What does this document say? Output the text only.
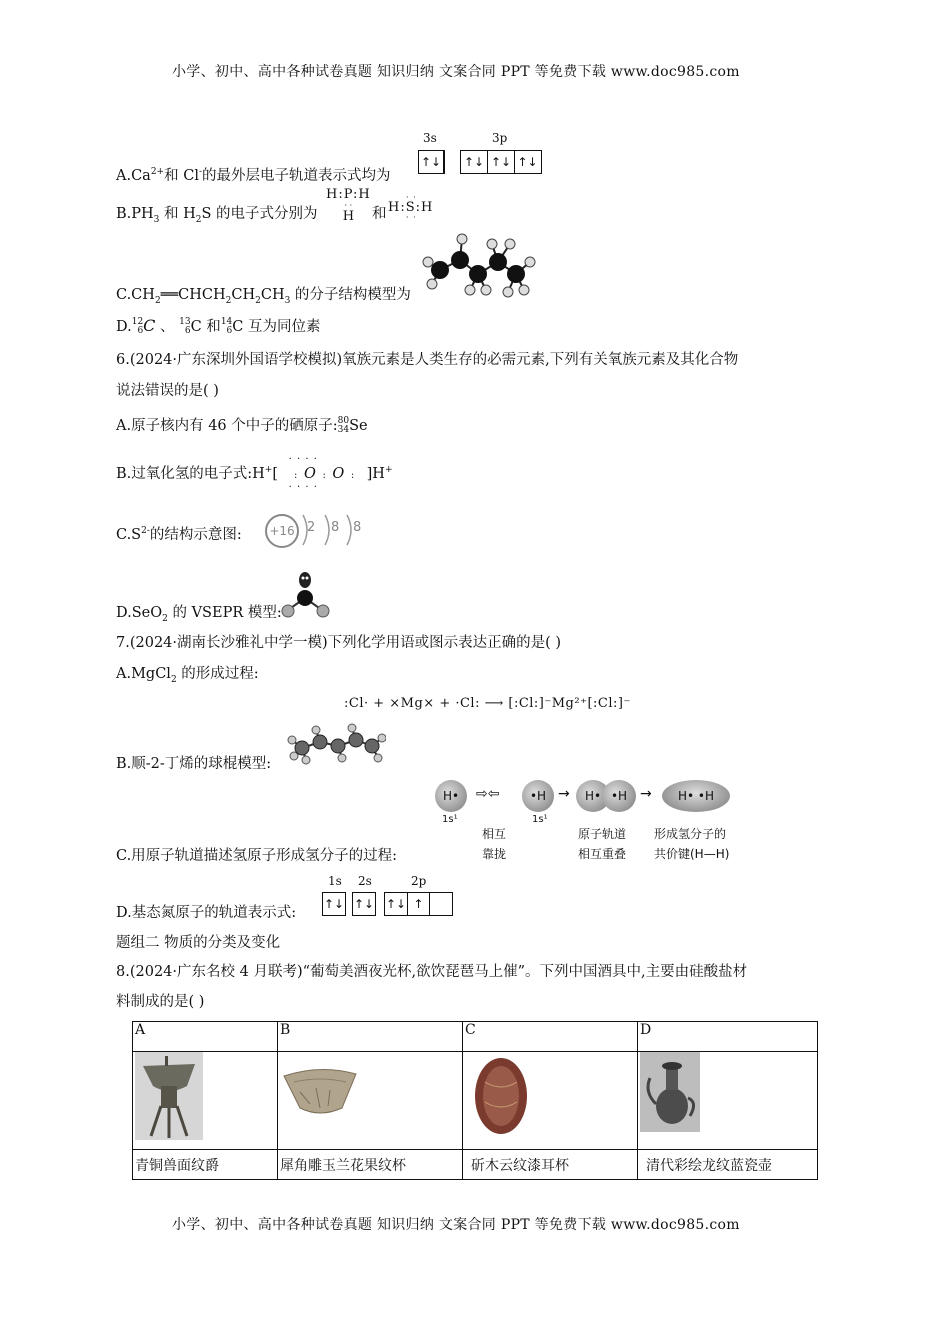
小学、初中、高中各种试卷真题 知识归纳 文案合同 PPT 等免费下载 www.doc985.com
$A.Ca^{2+}$和 Cl-的最外层电子轨道表示式均为
3s	3p
↑↓ ↑↓ ↑↓ ↑↓
$B.PH_3$ 和 $H_2S$ 的电子式分别为
H:P:H
· ·
H	和
· ·
H:S:H
· ·
$C.CH_2══CHCH_2CH_2CH_3$ 的分子结构模型为
D.12
6C 、 13
6C 和14
6C 互为同位素
6.(2024·广东深圳外国语学校模拟)氧族元素是人类生存的必需元素,下列有关氧族元素及其化合物
说法错误的是( )
A.原子核内有 46 个中子的硒原子:80
34Se
B.过氧化氢的电子式:H+[
· · · ·
: O : O :
· · · ·
]H+
$C.S^{2-}$的结构示意图:	+16 2 8 8
D.SeO$_2$ 的 VSEPR 模型:
7.(2024·湖南长沙雅礼中学一模)下列化学用语或图示表达正确的是( )
A.MgCl$_2$ 的形成过程:
:Cl· + ×Mg× + ·Cl: ⟶ [:Cl:]⁻Mg²⁺[:Cl:]⁻
B.顺-2-丁烯的球棍模型:
C.用原子轨道描述氢原子形成氢分子的过程:
H•
1s¹
⇨⇦	•H
1s¹
→	H• •H →	H• •H
相互
靠拢
原子轨道
相互重叠
形成氢分子的
共价键(H—H)
D.基态氮原子的轨道表示式:
1s 2s	2p
↑↓ ↑↓ ↑↓ ↑
题组二 物质的分类及变化
8.(2024·广东名校 4 月联考)“葡萄美酒夜光杯,欲饮琵琶马上催”。下列中国酒具中,主要由硅酸盐材
料制成的是( )
A	B	C	D

青铜兽面纹爵	犀角雕玉兰花果纹杯	斫木云纹漆耳杯	清代彩绘龙纹蓝瓷壶
小学、初中、高中各种试卷真题 知识归纳 文案合同 PPT 等免费下载 www.doc985.com
